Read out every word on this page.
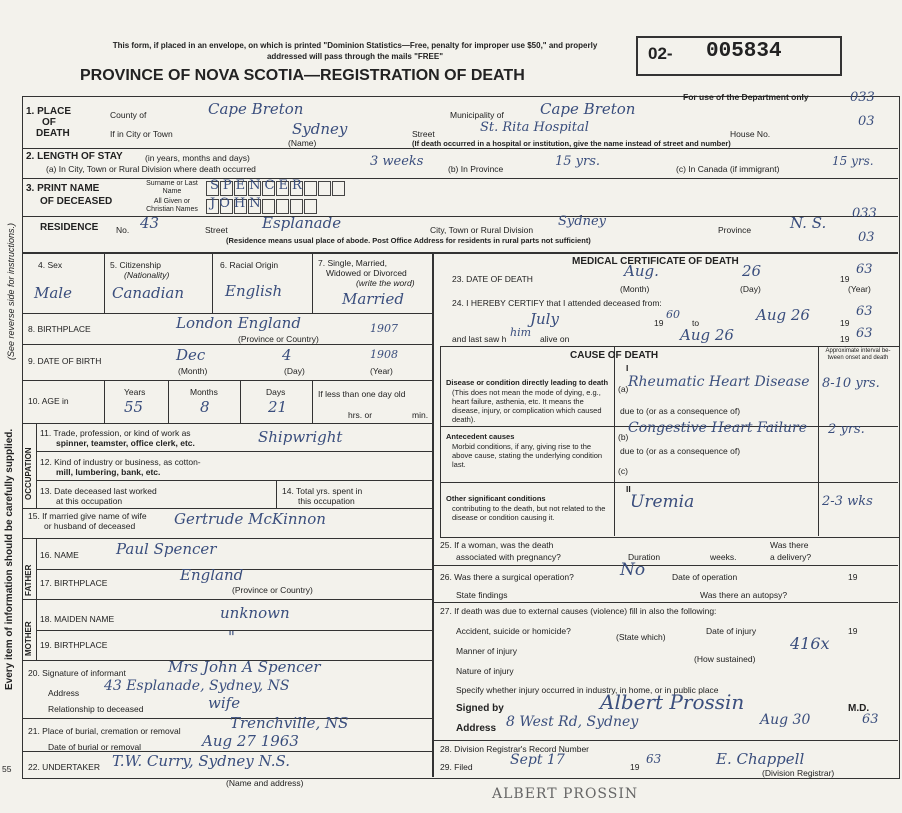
This form, if placed in an envelope, on which is printed "Dominion Statistics—Free, penalty for improper use $50," and properly addressed will pass through the mails "FREE"
PROVINCE OF NOVA SCOTIA—REGISTRATION OF DEATH
02- 005834
For use of the Department only	033
03
033
03
Every item of information should be carefully supplied.
(See reverse side for instructions.)
OCCUPATION
FATHER
MOTHER
55
1. PLACE
OF
DEATH
County of	Cape Breton	Municipality of Cape Breton
If in City or Town	Sydney
(Name)
Street	St. Rita Hospital	House No.
(If death occurred in a hospital or institution, give the name instead of street and number)
2. LENGTH OF STAY	(in years, months and days)
(a) In City, Town or Rural Division where death occurred	3 weeks	(b) In Province	15 yrs.	(c) In Canada (if immigrant)
15 yrs.
3. PRINT NAME
OF DECEASED
Surname or Last Name
All Given or Christian Names
SPENCER
JOHN
RESIDENCE No. 43	Street Esplanade	City, Town or Rural Division
Sydney
Province	N. S.
(Residence means usual place of abode. Post Office Address for residents in rural parts not sufficient)
4. Sex
Male
5. Citizenship
(Nationality)
Canadian
6. Racial Origin
English
7. Single, Married,
Widowed or Divorced
(write the word)
Married
8. BIRTHPLACE	London England
(Province or Country)
1907
9. DATE OF BIRTH	Dec	4	1908
(Month)	(Day)	(Year)
10. AGE in
Years
55
Months
8
Days
21
If less than one day old
hrs. or	min.
11. Trade, profession, or kind of work as
spinner, teamster, office clerk, etc.	Shipwright
12. Kind of industry or business, as cotton-
mill, lumbering, bank, etc.
13. Date deceased last worked
at this occupation
14. Total yrs. spent in
this occupation
15. If married give name of wife
or husband of deceased	Gertrude McKinnon
16. NAME Paul Spencer
17. BIRTHPLACE	England
(Province or Country)
18. MAIDEN NAME	unknown
19. BIRTHPLACE	"
20. Signature of informant	Mrs John A Spencer
Address 43 Esplanade, Sydney, NS
Relationship to deceased	wife
21. Place of burial, cremation or removal	Trenchville, NS
Date of burial or removal	Aug 27 1963
22. UNDERTAKER T.W. Curry, Sydney N.S.
(Name and address)
MEDICAL CERTIFICATE OF DEATH
23. DATE OF DEATH	Aug.	26	19
63
(Month)	(Day)	(Year)
24. I HEREBY CERTIFY that I attended deceased from:
July	19
60
to	Aug 26	19
63
and last saw h him alive on	Aug 26	19 63
CAUSE OF DEATH
I
Approximate interval be- tween onset and death
Disease or condition directly leading to death
(This does not mean the mode of dying, e.g., heart failure, asthenia, etc. It means the disease, injury, or complication which caused death).
(a) Rheumatic Heart Disease 8-10 yrs.
due to (or as a consequence of)
Antecedent causes
Morbid conditions, if any, giving rise to the above cause, stating the underlying condition last.
(b)
Congestive Heart Failure 2 yrs.
due to (or as a consequence of)
(c)
II
Other significant conditions
contributing to the death, but not related to the disease or condition causing it.
Uremia	2-3 wks
25. If a woman, was the death
associated with pregnancy?	Duration	weeks.
Was there
a delivery?
26. Was there a surgical operation?	No	Date of operation	19
State findings	Was there an autopsy?
27. If death was due to external causes (violence) fill in also the following:
Accident, suicide or homicide?
(State which)
Date of injury	19
416x
Manner of injury
(How sustained)
Nature of injury
Specify whether injury occurred in industry, in home, or in public place
Signed by	Albert Prossin	M.D.
Address 8 West Rd, Sydney	Aug 30	63
28. Division Registrar's Record Number
29. Filed	Sept 17	19
63	E. Chappell
(Division Registrar)
ALBERT PROSSIN
